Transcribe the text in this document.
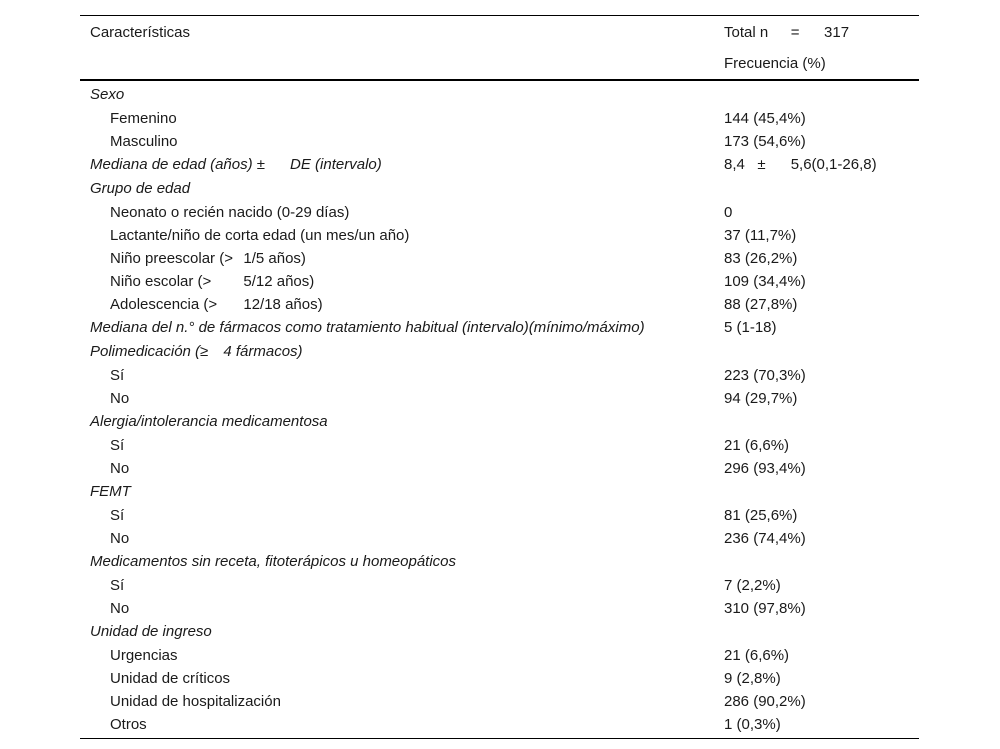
Características	Total n	=	317
Frecuencia (%)
Sexo
Femenino	144 (45,4%)
Masculino	173 (54,6%)
Mediana de edad (años)	±	DE (intervalo)	8,4	±	5,6(0,1-26,8)
Grupo de edad
Neonato o recién nacido (0-29 días)	0
Lactante/niño de corta edad (un mes/un año)	37 (11,7%)
Niño preescolar (>	1/5 años)	83 (26,2%)
Niño escolar (>	5/12 años)	109 (34,4%)
Adolescencia (>	12/18 años)	88 (27,8%)
Mediana del n.° de fármacos como tratamiento habitual (intervalo)(mínimo/máximo)	5 (1-18)
Polimedicación (≥	4 fármacos)
Sí	223 (70,3%)
No	94 (29,7%)
Alergia/intolerancia medicamentosa
Sí	21 (6,6%)
No	296 (93,4%)
FEMT
Sí	81 (25,6%)
No	236 (74,4%)
Medicamentos sin receta, fitoterápicos u homeopáticos
Sí	7 (2,2%)
No	310 (97,8%)
Unidad de ingreso
Urgencias	21 (6,6%)
Unidad de críticos	9 (2,8%)
Unidad de hospitalización	286 (90,2%)
Otros	1 (0,3%)
